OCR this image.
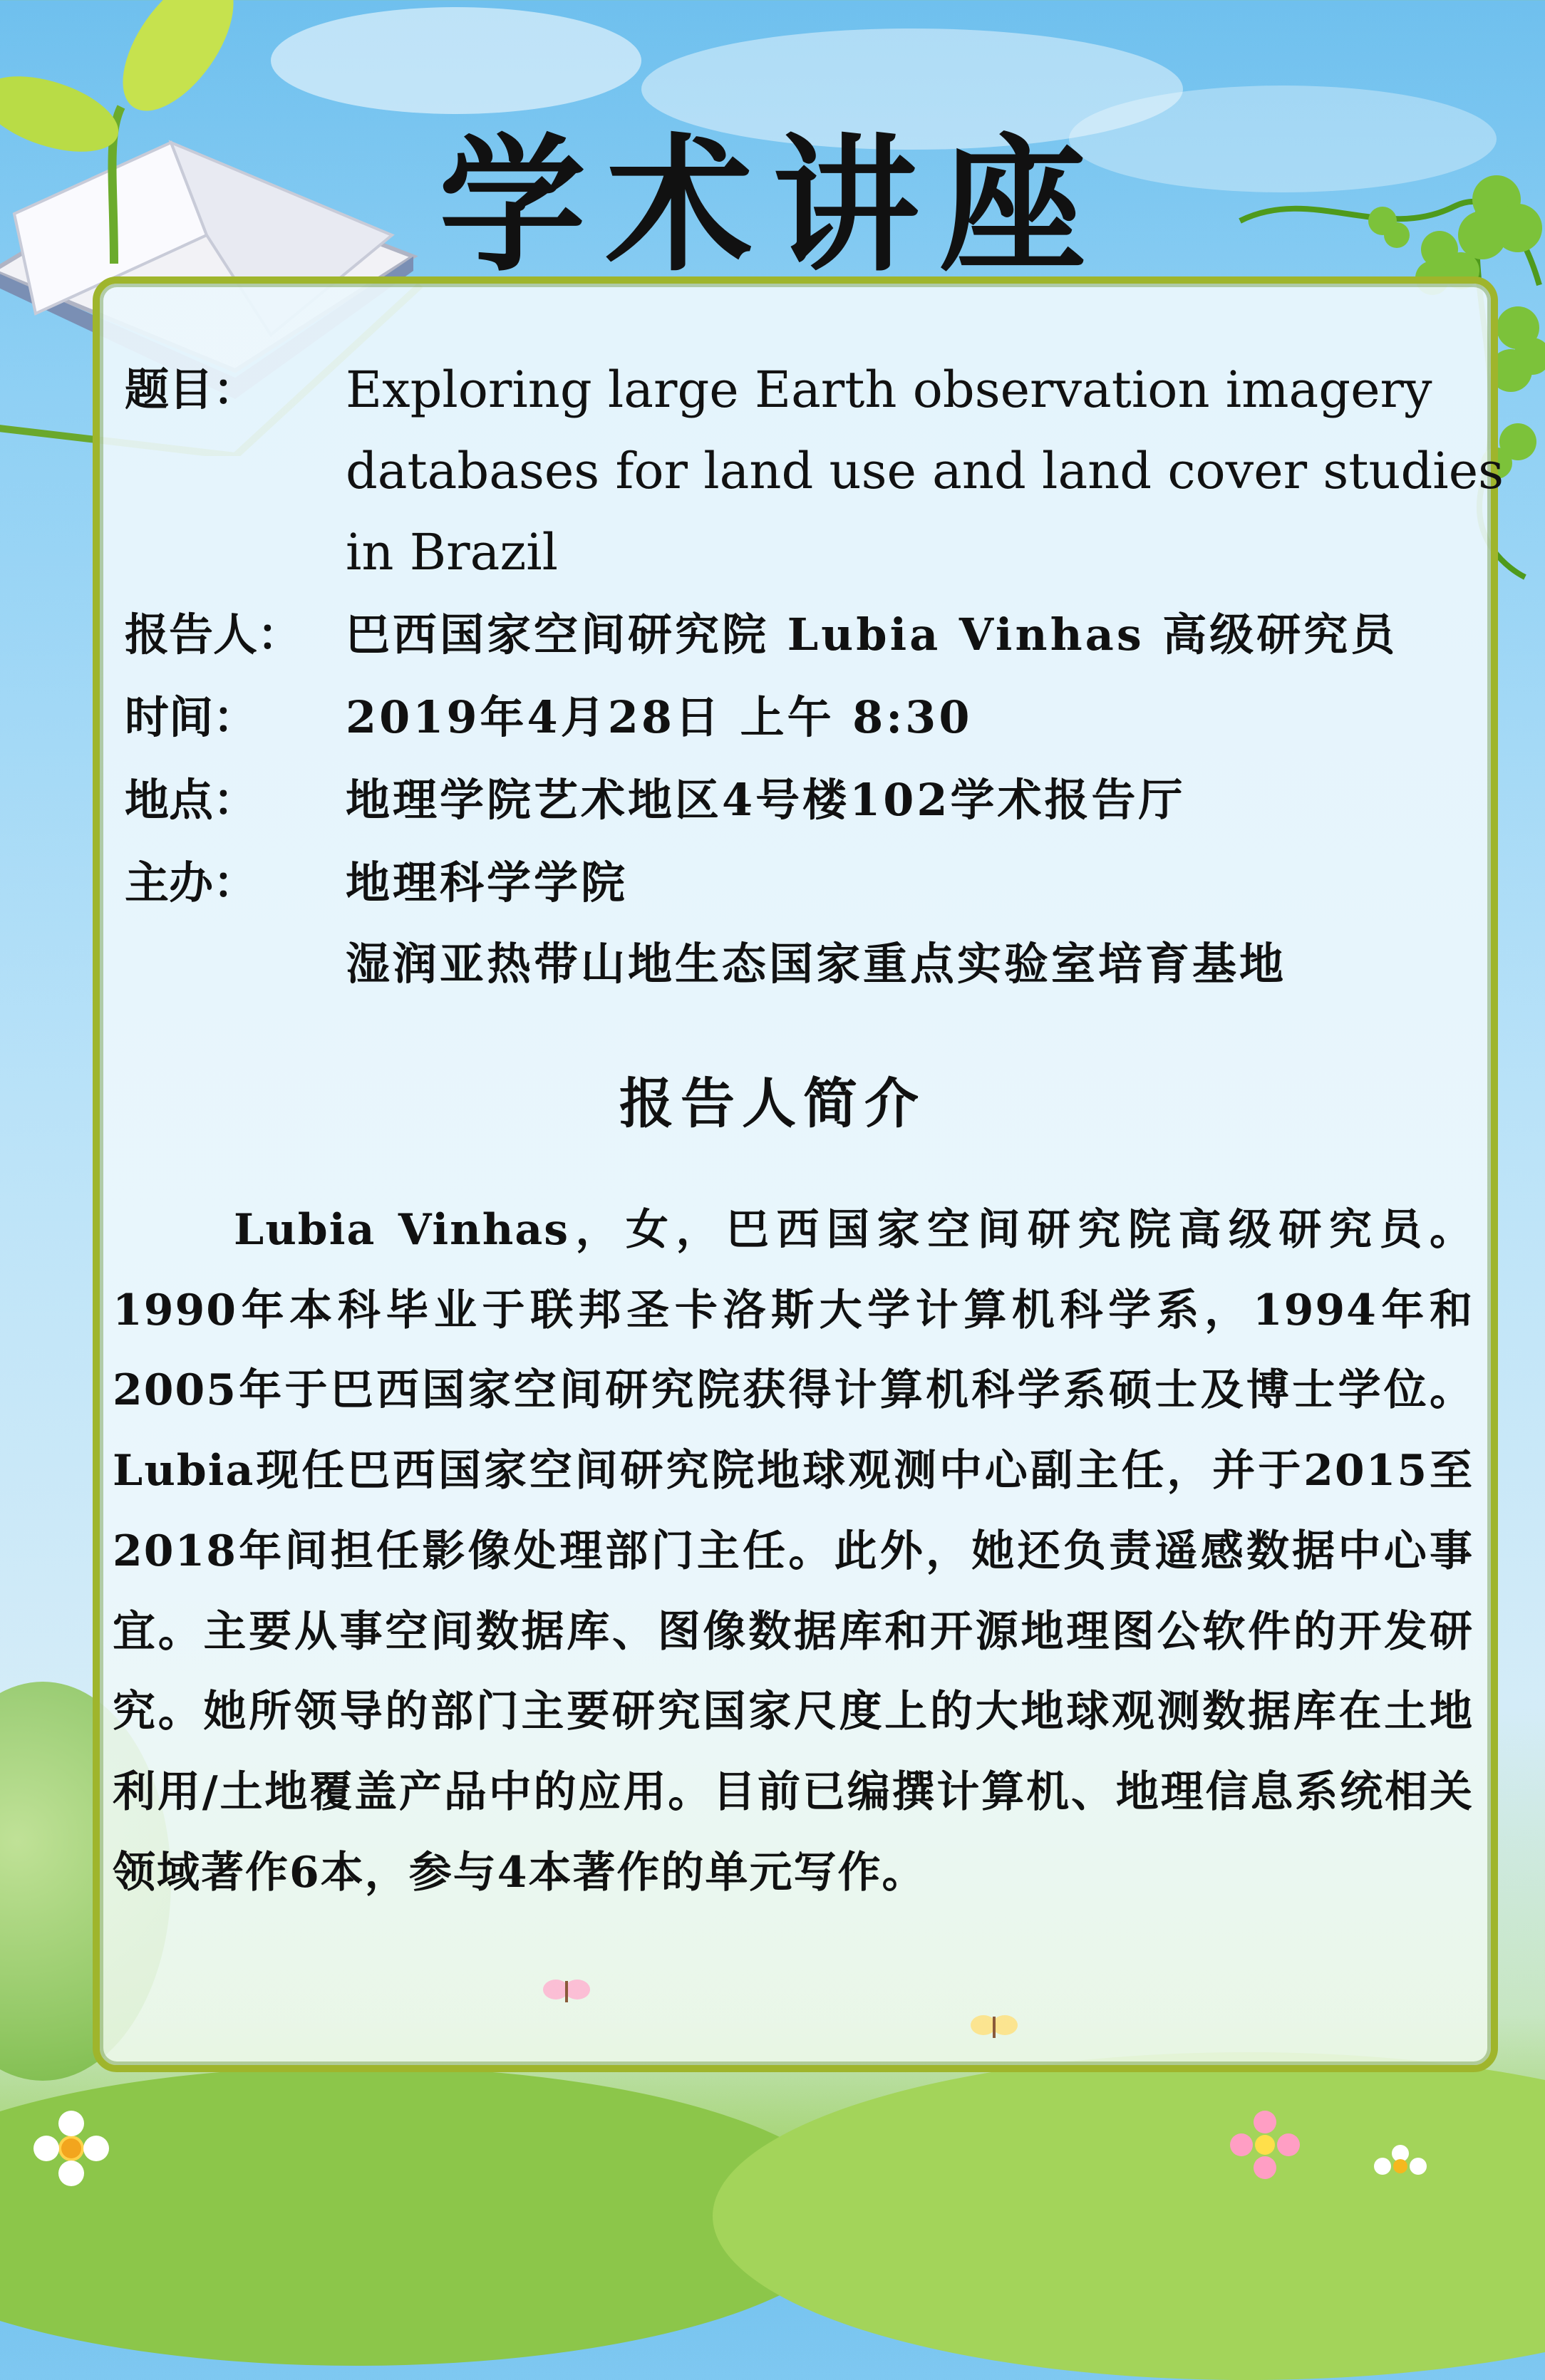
学术讲座
题目：	Exploring large Earth observation imagery
databases for land use and land cover studies
in Brazil
报告人： 巴西国家空间研究院 Lubia Vinhas 高级研究员
时间：	2019年4月28日 上午 8:30
地点：	地理学院艺术地区4号楼102学术报告厅
主办：	地理科学学院
湿润亚热带山地生态国家重点实验室培育基地
报告人简介

Lubia Vinhas，女，巴西国家空间研究院高级研究员。1990年本科毕业于联邦圣卡洛斯大学计算机科学系，1994年和2005年于巴西国家空间研究院获得计算机科学系硕士及博士学位。Lubia现任巴西国家空间研究院地球观测中心副主任，并于2015至2018年间担任影像处理部门主任。此外，她还负责遥感数据中心事宜。主要从事空间数据库、图像数据库和开源地理图公软件的开发研究。她所领导的部门主要研究国家尺度上的大地球观测数据库在土地利用/土地覆盖产品中的应用。目前已编撰计算机、地理信息系统相关领域著作6本，参与4本著作的单元写作。
